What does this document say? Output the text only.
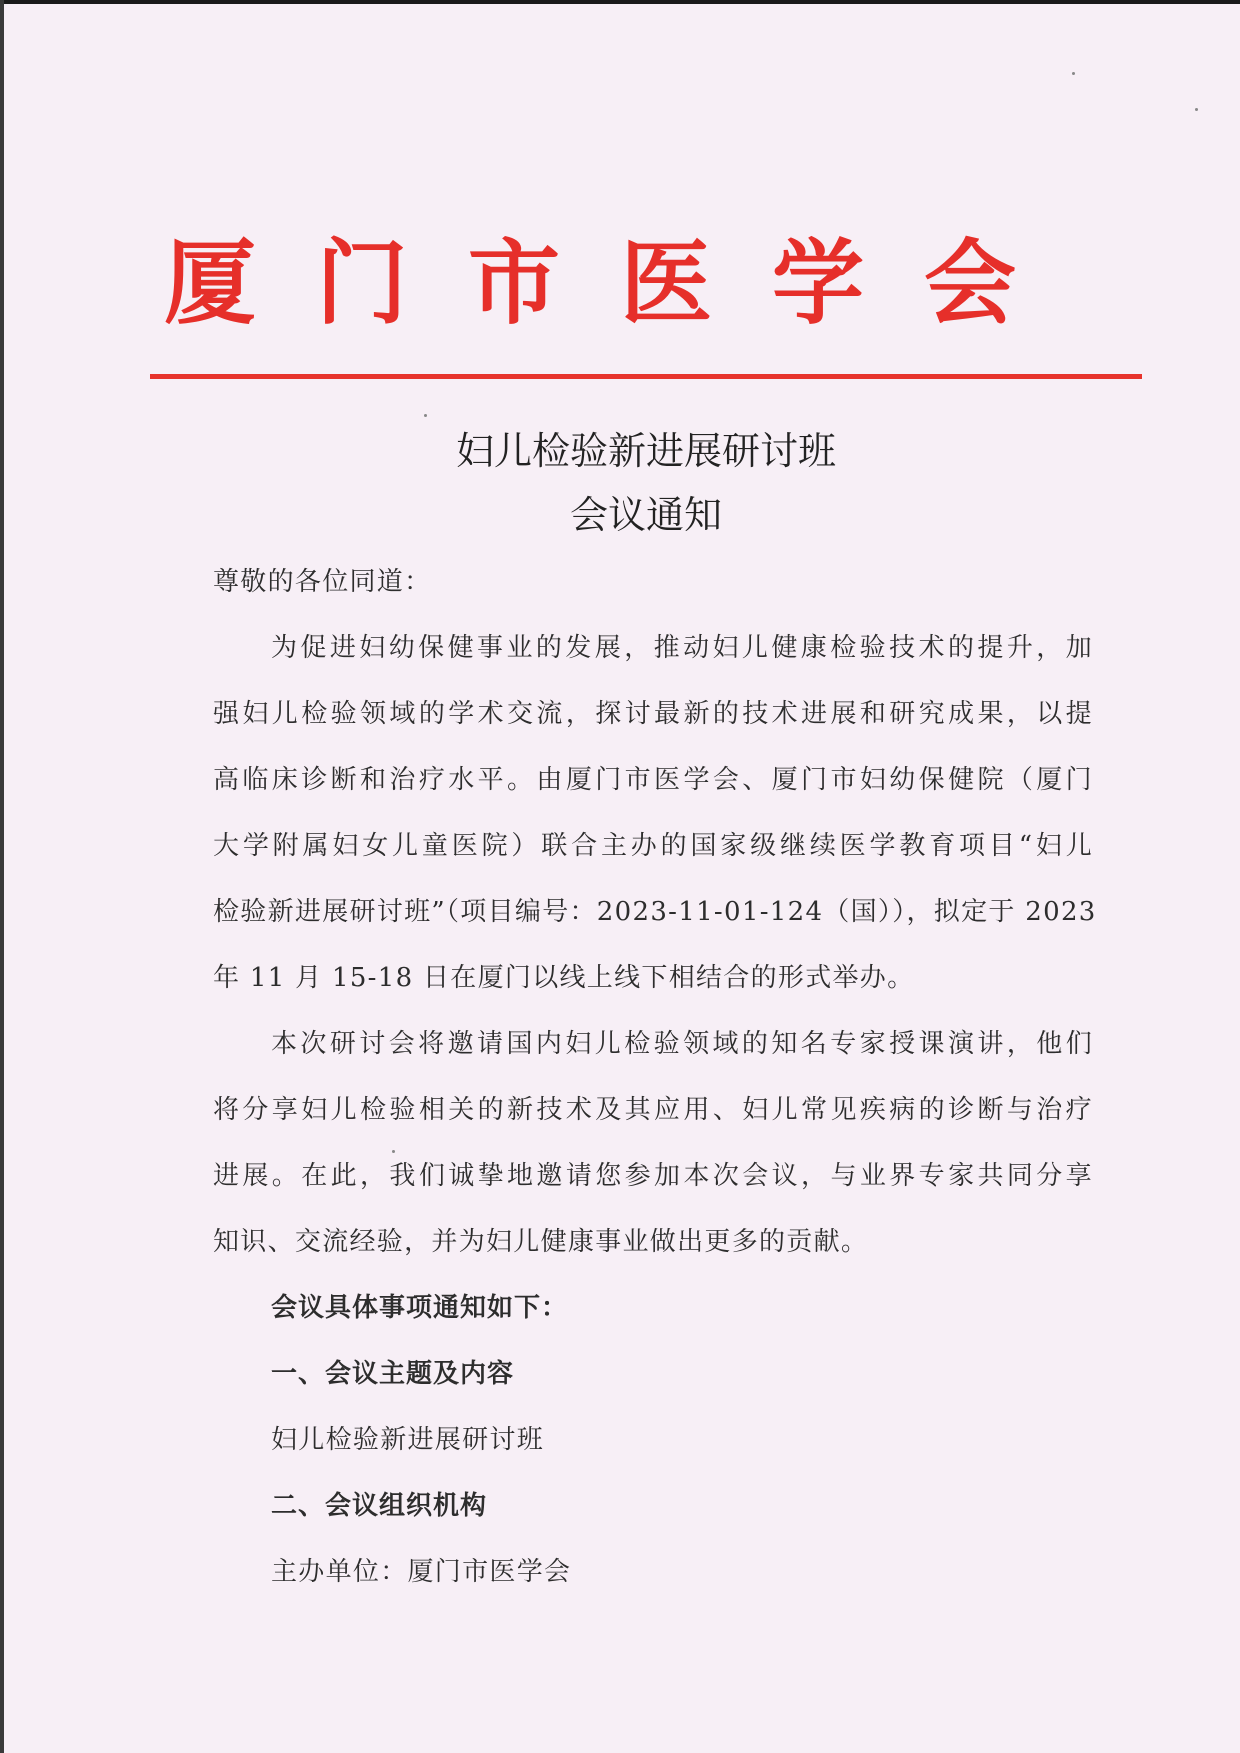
厦门市医学会
妇儿检验新进展研讨班
会议通知
尊敬的各位同道：
为促进妇幼保健事业的发展，推动妇儿健康检验技术的提升，加
强妇儿检验领域的学术交流，探讨最新的技术进展和研究成果，以提
高临床诊断和治疗水平。由厦门市医学会、厦门市妇幼保健院（厦门
大学附属妇女儿童医院）联合主办的国家级继续医学教育项目“妇儿
检验新进展研讨班”（项目编号：2023-11-01-124（国）），拟定于 2023
年 11 月 15-18 日在厦门以线上线下相结合的形式举办。
本次研讨会将邀请国内妇儿检验领域的知名专家授课演讲，他们
将分享妇儿检验相关的新技术及其应用、妇儿常见疾病的诊断与治疗
进展。在此，我们诚挚地邀请您参加本次会议，与业界专家共同分享
知识、交流经验，并为妇儿健康事业做出更多的贡献。
会议具体事项通知如下：
一、会议主题及内容
妇儿检验新进展研讨班
二、会议组织机构
主办单位：厦门市医学会
